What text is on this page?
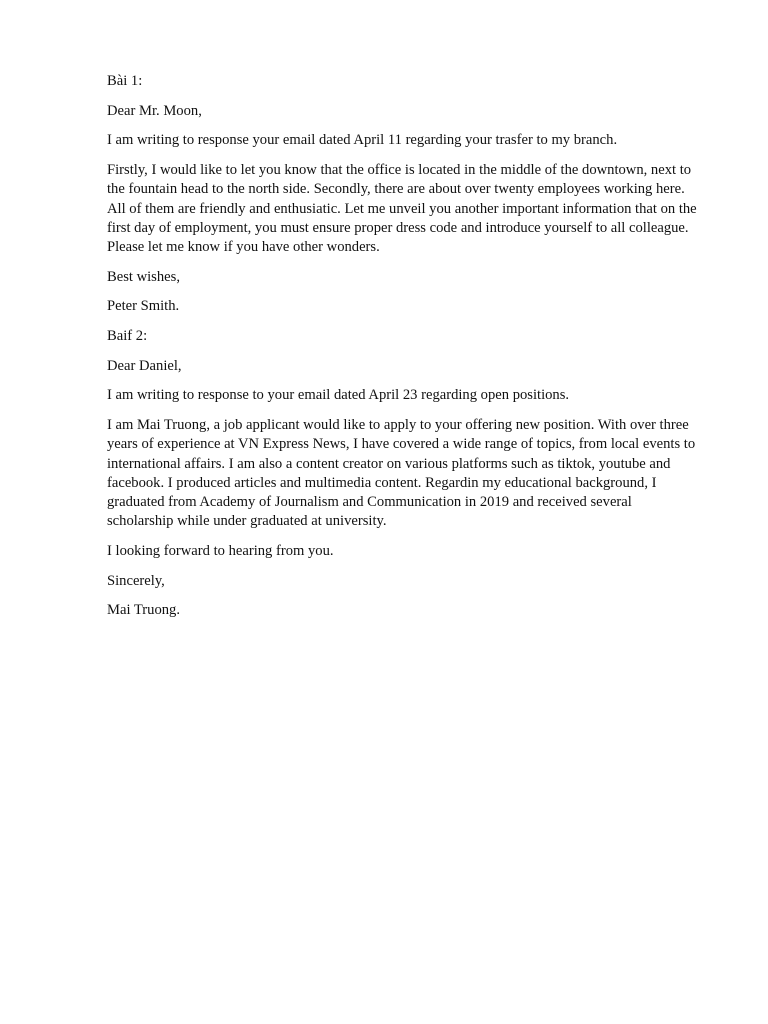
Bài 1:

Dear Mr. Moon,

I am writing to response your email dated April 11 regarding your trasfer to my branch.

Firstly, I would like to let you know that the office is located in the middle of the downtown, next to the fountain head to the north side. Secondly, there are about over twenty employees working here. All of them are friendly and enthusiatic. Let me unveil you another important information that on the first day of employment, you must ensure proper dress code and introduce yourself to all colleague. Please let me know if you have other wonders.

Best wishes,

Peter Smith.

Baif 2:

Dear Daniel,

I am writing to response to your email dated April 23 regarding open positions.

I am Mai Truong, a job applicant would like to apply to your offering new position. With over three years of experience at VN Express News, I have covered a wide range of topics, from local events to international affairs. I am also a content creator on various platforms such as tiktok, youtube and facebook. I produced articles and multimedia content. Regardin my educational background, I graduated from Academy of Journalism and Communication in 2019 and received several scholarship while under graduated at university.

I looking forward to hearing from you.

Sincerely,

Mai Truong.
